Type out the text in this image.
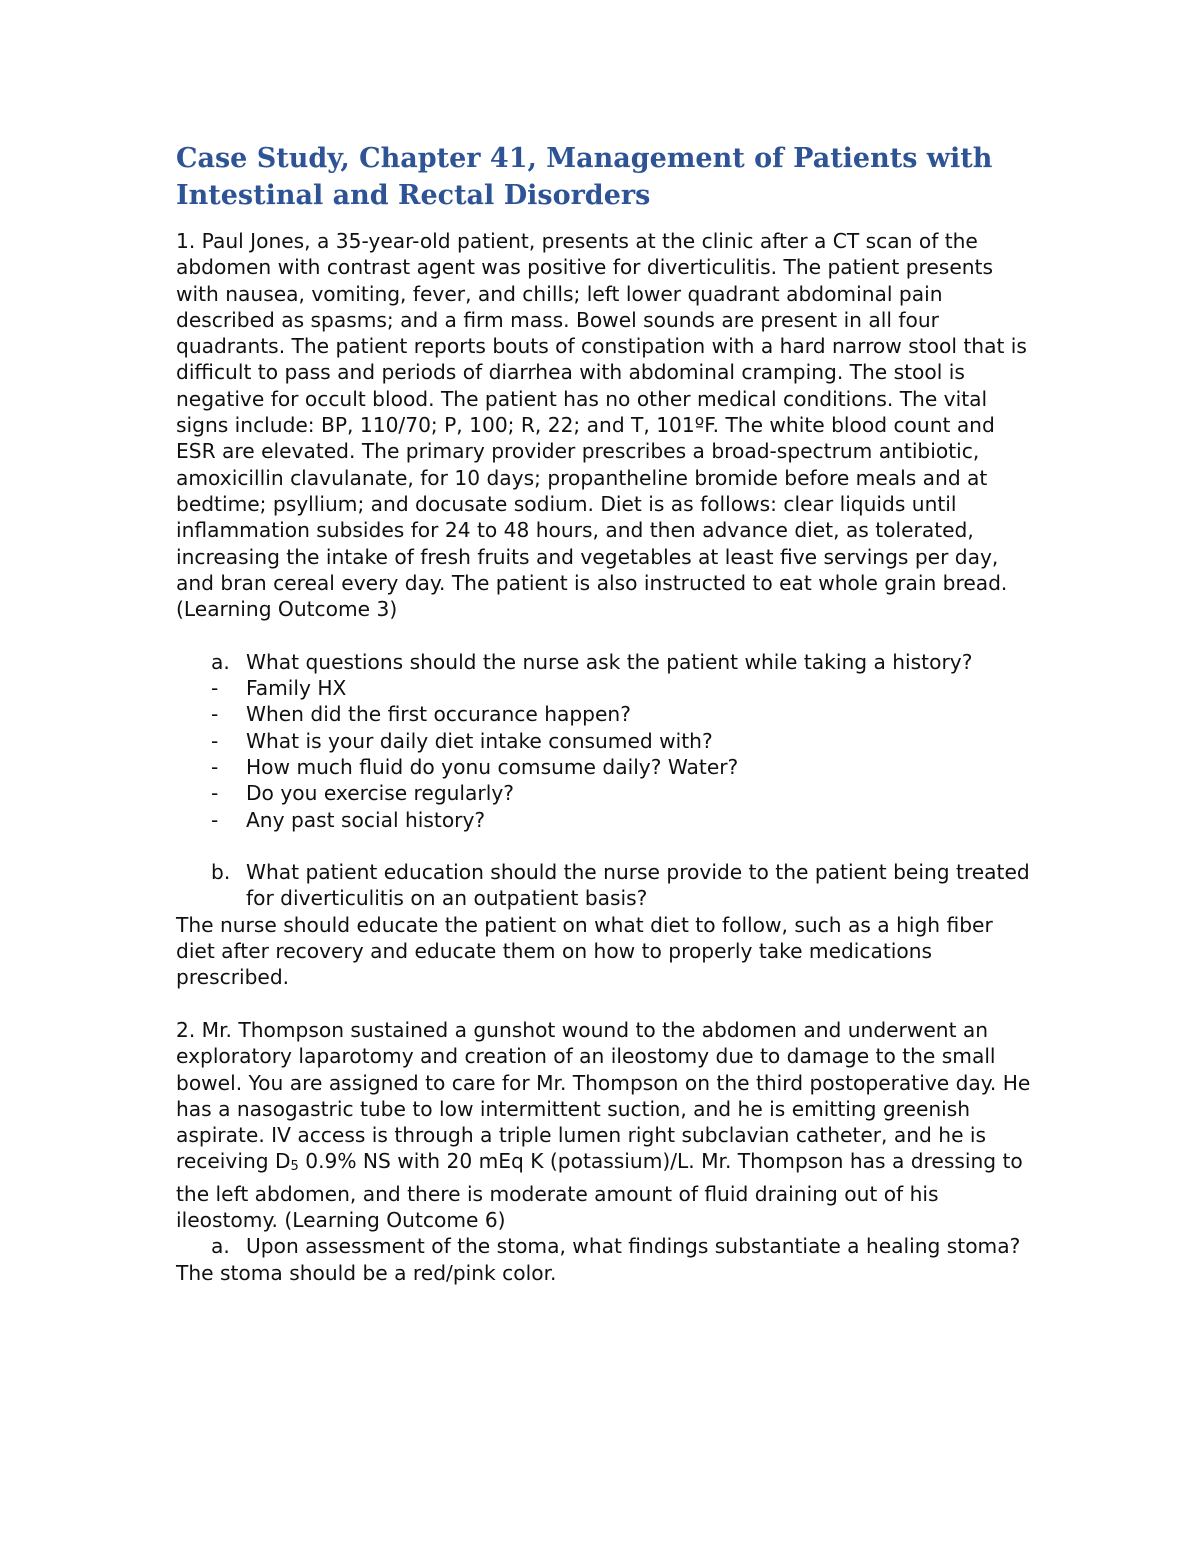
Case Study, Chapter 41, Management of Patients with Intestinal and Rectal Disorders

1. Paul Jones, a 35-year-old patient, presents at the clinic after a CT scan of the abdomen with contrast agent was positive for diverticulitis. The patient presents with nausea, vomiting, fever, and chills; left lower quadrant abdominal pain described as spasms; and a firm mass. Bowel sounds are present in all four quadrants. The patient reports bouts of constipation with a hard narrow stool that is difficult to pass and periods of diarrhea with abdominal cramping. The stool is negative for occult blood. The patient has no other medical conditions. The vital signs include: BP, 110/70; P, 100; R, 22; and T, 101ºF. The white blood count and ESR are elevated. The primary provider prescribes a broad-spectrum antibiotic, amoxicillin clavulanate, for 10 days; propantheline bromide before meals and at bedtime; psyllium; and docusate sodium. Diet is as follows: clear liquids until inflammation subsides for 24 to 48 hours, and then advance diet, as tolerated, increasing the intake of fresh fruits and vegetables at least five servings per day, and bran cereal every day. The patient is also instructed to eat whole grain bread. (Learning Outcome 3)

a. What questions should the nurse ask the patient while taking a history?

- Family HX

- When did the first occurance happen?

- What is your daily diet intake consumed with?

- How much fluid do yonu comsume daily? Water?

- Do you exercise regularly?

- Any past social history?

b. What patient education should the nurse provide to the patient being treated for diverticulitis on an outpatient basis?

The nurse should educate the patient on what diet to follow, such as a high fiber diet after recovery and educate them on how to properly take medications prescribed.

2. Mr. Thompson sustained a gunshot wound to the abdomen and underwent an exploratory laparotomy and creation of an ileostomy due to damage to the small bowel. You are assigned to care for Mr. Thompson on the third postoperative day. He has a nasogastric tube to low intermittent suction, and he is emitting greenish aspirate. IV access is through a triple lumen right subclavian catheter, and he is receiving D5 0.9% NS with 20 mEq K (potassium)/L. Mr. Thompson has a dressing to the left abdomen, and there is moderate amount of fluid draining out of his ileostomy. (Learning Outcome 6)

a. Upon assessment of the stoma, what findings substantiate a healing stoma?

The stoma should be a red/pink color.
